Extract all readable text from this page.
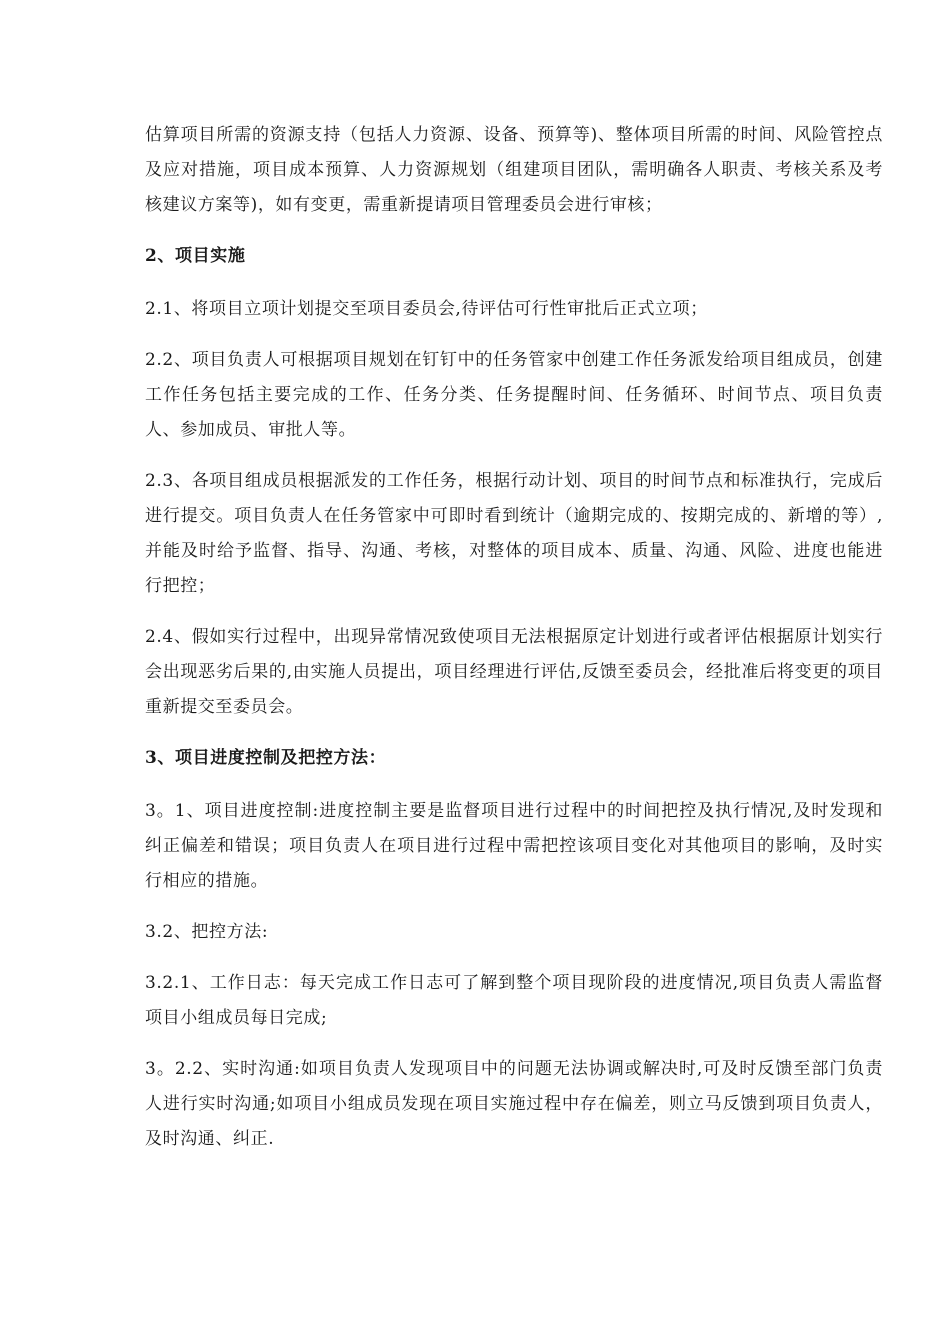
估算项目所需的资源支持（包括人力资源、设备、预算等)、整体项目所需的时间、风险管控点及应对措施，项目成本预算、人力资源规划（组建项目团队，需明确各人职责、考核关系及考核建议方案等)，如有变更，需重新提请项目管理委员会进行审核；

2、项目实施

2.1、将项目立项计划提交至项目委员会,待评估可行性审批后正式立项；

2.2、项目负责人可根据项目规划在钉钉中的任务管家中创建工作任务派发给项目组成员，创建工作任务包括主要完成的工作、任务分类、任务提醒时间、任务循环、时间节点、项目负责人、参加成员、审批人等。

2.3、各项目组成员根据派发的工作任务，根据行动计划、项目的时间节点和标准执行，完成后进行提交。项目负责人在任务管家中可即时看到统计（逾期完成的、按期完成的、新增的等）,并能及时给予监督、指导、沟通、考核，对整体的项目成本、质量、沟通、风险、进度也能进行把控；

2.4、假如实行过程中，出现异常情况致使项目无法根据原定计划进行或者评估根据原计划实行会出现恶劣后果的,由实施人员提出，项目经理进行评估,反馈至委员会，经批准后将变更的项目重新提交至委员会。

3、项目进度控制及把控方法：

3。1、项目进度控制:进度控制主要是监督项目进行过程中的时间把控及执行情况,及时发现和纠正偏差和错误；项目负责人在项目进行过程中需把控该项目变化对其他项目的影响，及时实行相应的措施。

3.2、把控方法:

3.2.1、工作日志：每天完成工作日志可了解到整个项目现阶段的进度情况,项目负责人需监督项目小组成员每日完成;

3。2.2、实时沟通:如项目负责人发现项目中的问题无法协调或解决时,可及时反馈至部门负责人进行实时沟通;如项目小组成员发现在项目实施过程中存在偏差，则立马反馈到项目负责人，及时沟通、纠正.
